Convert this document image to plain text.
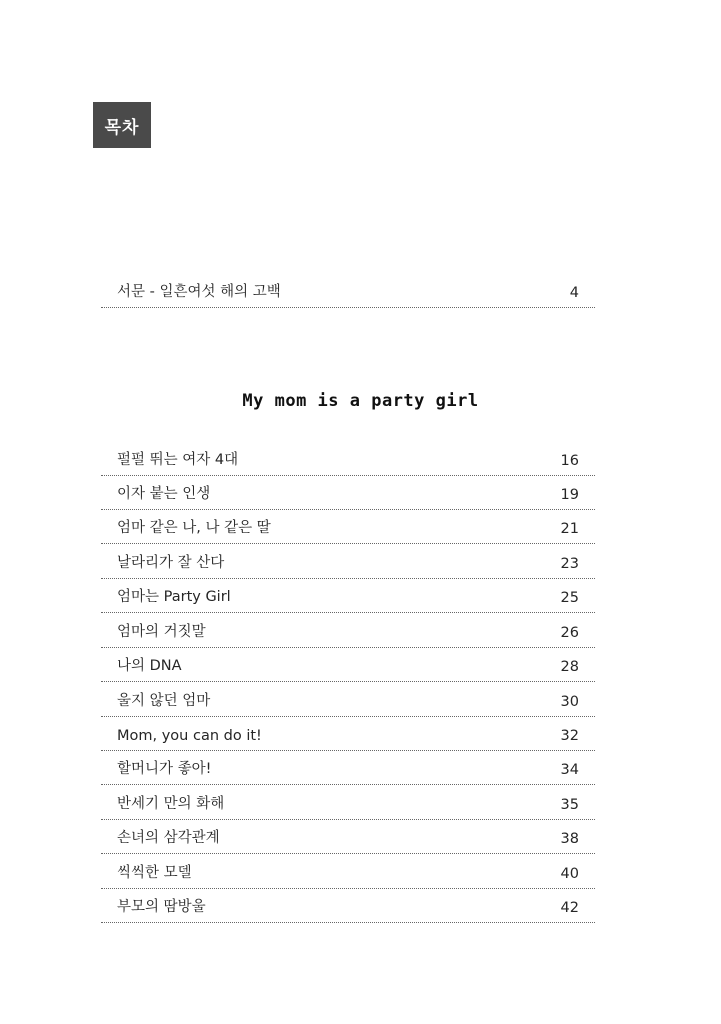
목차
서문 - 일흔여섯 해의 고백	4
My mom is a party girl
펄펄 뛰는 여자 4대	16
이자 붙는 인생	19
엄마 같은 나, 나 같은 딸	21
날라리가 잘 산다	23
엄마는 Party Girl	25
엄마의 거짓말	26
나의 DNA	28
울지 않던 엄마	30
Mom, you can do it!	32
할머니가 좋아!	34
반세기 만의 화해	35
손녀의 삼각관계	38
씩씩한 모델	40
부모의 땀방울	42
